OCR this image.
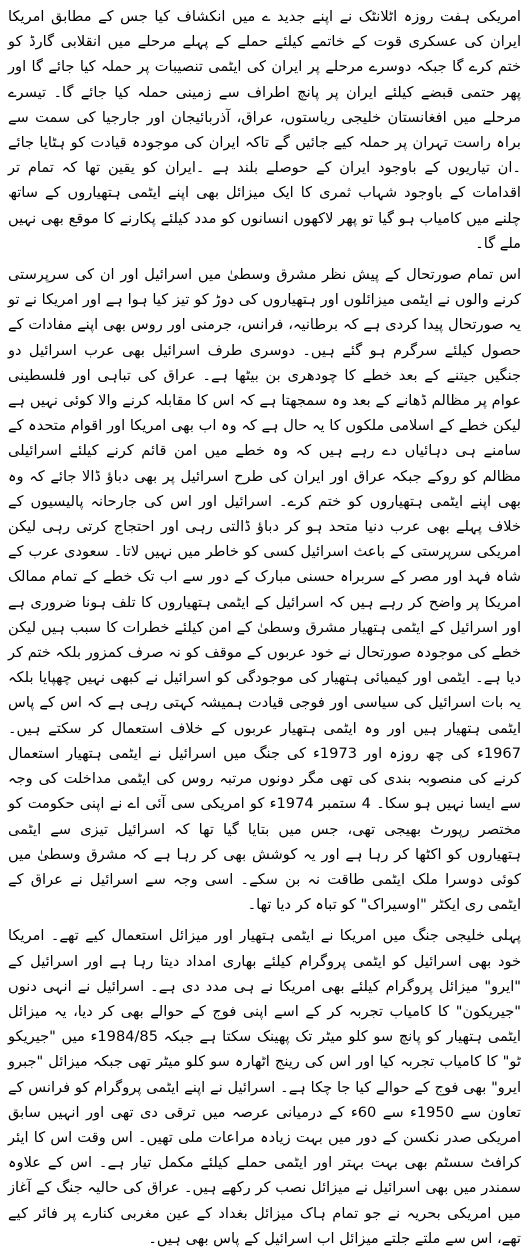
امریکی ہفت روزہ اٹلانٹک نے اپنے جدید ے میں انکشاف کیا جس کے مطابق امریکا ایران کی عسکری قوت کے خاتمے کیلئے حملے کے پہلے مرحلے میں انقلابی گارڈ کو ختم کرے گا جبکہ دوسرے مرحلے پر ایران کی ایٹمی تنصیبات پر حملہ کیا جائے گا اور پھر حتمی قبضے کیلئے ایران پر پانچ اطراف سے زمینی حملہ کیا جائے گا۔ تیسرے مرحلے میں افغانستان خلیجی ریاستوں، عراق، آذربائیجان اور جارجیا کی سمت سے براہ راست تہران پر حملہ کیے جائیں گے تاکہ ایران کی موجودہ قیادت کو ہٹایا جائے ۔ان تیاریوں کے باوجود ایران کے حوصلے بلند ہے ۔ایران کو یقین تھا کہ تمام تر اقدامات کے باوجود شہاب ثمری کا ایک میزائل بھی اپنے ایٹمی ہتھیاروں کے ساتھ چلنے میں کامیاب ہو گیا تو پھر لاکھوں انسانوں کو مدد کیلئے پکارنے کا موقع بھی نہیں ملے گا۔

اس تمام صورتحال کے پیش نظر مشرق وسطیٰ میں اسرائیل اور ان کی سرپرستی کرنے والوں نے ایٹمی میزائلوں اور ہتھیاروں کی دوڑ کو تیز کیا ہوا ہے اور امریکا نے تو یہ صورتحال پیدا کردی ہے کہ برطانیہ، فرانس، جرمنی اور روس بھی اپنے مفادات کے حصول کیلئے سرگرم ہو گئے ہیں۔ دوسری طرف اسرائیل بھی عرب اسرائیل دو جنگیں جیتنے کے بعد خطے کا چودھری بن بیٹھا ہے۔ عراق کی تباہی اور فلسطینی عوام پر مظالم ڈھانے کے بعد وہ سمجھتا ہے کہ اس کا مقابلہ کرنے والا کوئی نہیں ہے لیکن خطے کے اسلامی ملکوں کا یہ حال ہے کہ وہ اب بھی امریکا اور اقوام متحدہ کے سامنے ہی دہائیاں دے رہے ہیں کہ وہ خطے میں امن قائم کرنے کیلئے اسرائیلی مظالم کو روکے جبکہ عراق اور ایران کی طرح اسرائیل پر بھی دباؤ ڈالا جائے کہ وہ بھی اپنے ایٹمی ہتھیاروں کو ختم کرے۔ اسرائیل اور اس کی جارحانہ پالیسیوں کے خلاف پہلے بھی عرب دنیا متحد ہو کر دباؤ ڈالتی رہی اور احتجاج کرتی رہی لیکن امریکی سرپرستی کے باعث اسرائیل کسی کو خاطر میں نہیں لاتا۔ سعودی عرب کے شاہ فہد اور مصر کے سربراہ حسنی مبارک کے دور سے اب تک خطے کے تمام ممالک امریکا پر واضح کر رہے ہیں کہ اسرائیل کے ایٹمی ہتھیاروں کا تلف ہونا ضروری ہے اور اسرائیل کے ایٹمی ہتھیار مشرق وسطیٰ کے امن کیلئے خطرات کا سبب ہیں لیکن خطے کی موجودہ صورتحال نے خود عربوں کے موقف کو نہ صرف کمزور بلکہ ختم کر دیا ہے۔ ایٹمی اور کیمیائی ہتھیار کی موجودگی کو اسرائیل نے کبھی نہیں چھپایا بلکہ یہ بات اسرائیل کی سیاسی اور فوجی قیادت ہمیشہ کہتی رہی ہے کہ اس کے پاس ایٹمی ہتھیار ہیں اور وہ ایٹمی ہتھیار عربوں کے خلاف استعمال کر سکتے ہیں۔ 1967ء کی چھ روزہ اور 1973ء کی جنگ میں اسرائیل نے ایٹمی ہتھیار استعمال کرنے کی منصوبہ بندی کی تھی مگر دونوں مرتبہ روس کی ایٹمی مداخلت کی وجہ سے ایسا نہیں ہو سکا۔ 4 ستمبر 1974ء کو امریکی سی آئی اے نے اپنی حکومت کو مختصر رپورٹ بھیجی تھی، جس میں بتایا گیا تھا کہ اسرائیل تیزی سے ایٹمی ہتھیاروں کو اکٹھا کر رہا ہے اور یہ کوشش بھی کر رہا ہے کہ مشرق وسطیٰ میں کوئی دوسرا ملک ایٹمی طاقت نہ بن سکے۔ اسی وجہ سے اسرائیل نے عراق کے ایٹمی ری ایکٹر "اوسیراک" کو تباہ کر دیا تھا۔

پہلی خلیجی جنگ میں امریکا نے ایٹمی ہتھیار اور میزائل استعمال کیے تھے۔ امریکا خود بھی اسرائیل کو ایٹمی پروگرام کیلئے بھاری امداد دیتا رہا ہے اور اسرائیل کے "ایرو" میزائل پروگرام کیلئے بھی امریکا نے ہی مدد دی ہے۔ اسرائیل نے انہی دنوں "جیریکون" کا کامیاب تجربہ کر کے اسے اپنی فوج کے حوالے بھی کر دیا، یہ میزائل ایٹمی ہتھیار کو پانچ سو کلو میٹر تک پھینک سکتا ہے جبکہ 1984/85ء میں "جیریکو ٹو" کا کامیاب تجربہ کیا اور اس کی رینج اٹھارہ سو کلو میٹر تھی جبکہ میزائل "جبرو ایرو" بھی فوج کے حوالے کیا جا چکا ہے۔ اسرائیل نے اپنے ایٹمی پروگرام کو فرانس کے تعاون سے 1950ء سے 60ء کے درمیانی عرصہ میں ترقی دی تھی اور انہیں سابق امریکی صدر نکسن کے دور میں بہت زیادہ مراعات ملی تھیں۔ اس وقت اس کا ایئر کرافٹ سسٹم بھی بہت بہتر اور ایٹمی حملے کیلئے مکمل تیار ہے۔ اس کے علاوہ سمندر میں بھی اسرائیل نے میزائل نصب کر رکھے ہیں۔ عراق کی حالیہ جنگ کے آغاز میں امریکی بحریہ نے جو تمام ہاک میزائل بغداد کے عین مغربی کنارے پر فائر کیے تھے، اس سے ملتے جلتے میزائل اب اسرائیل کے پاس بھی ہیں۔
